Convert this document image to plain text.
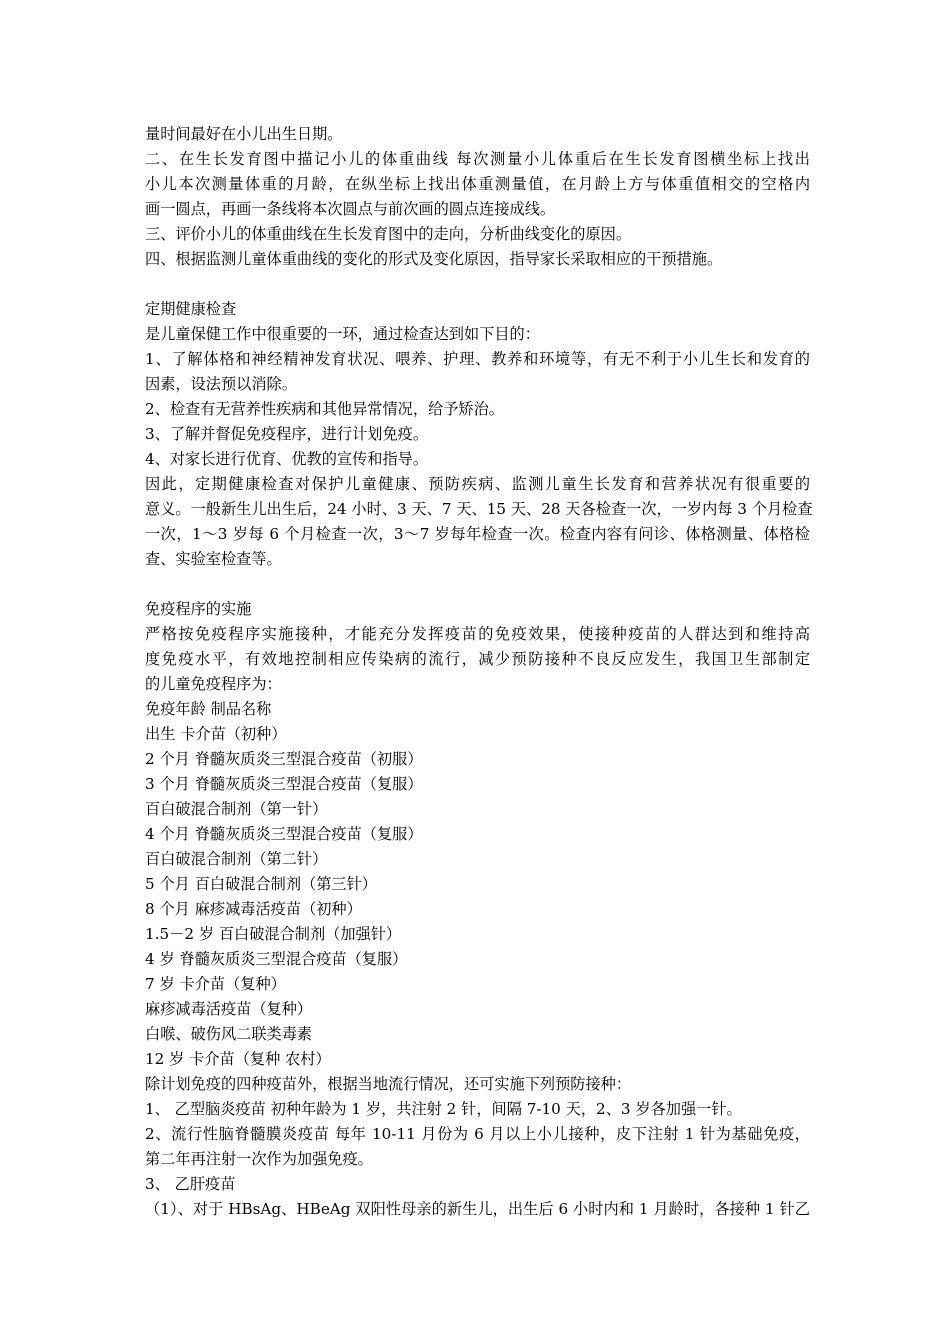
量时间最好在小儿出生日期。
二、在生长发育图中描记小儿的体重曲线 每次测量小儿体重后在生长发育图横坐标上找出
小儿本次测量体重的月龄，在纵坐标上找出体重测量值，在月龄上方与体重值相交的空格内
画一圆点，再画一条线将本次圆点与前次画的圆点连接成线。
三、评价小儿的体重曲线在生长发育图中的走向，分析曲线变化的原因。
四、根据监测儿童体重曲线的变化的形式及变化原因，指导家长采取相应的干预措施。
定期健康检查
是儿童保健工作中很重要的一环，通过检查达到如下目的：
1、了解体格和神经精神发育状况、喂养、护理、教养和环境等，有无不利于小儿生长和发育的
因素，设法预以消除。
2、检查有无营养性疾病和其他异常情况，给予矫治。
3、了解并督促免疫程序，进行计划免疫。
4、对家长进行优育、优教的宣传和指导。
因此，定期健康检查对保护儿童健康、预防疾病、监测儿童生长发育和营养状况有很重要的
意义。一般新生儿出生后，24 小时、3 天、7 天、15 天、28 天各检查一次，一岁内每 3 个月检查
一次，1～3 岁每 6 个月检查一次，3～7 岁每年检查一次。检查内容有问诊、体格测量、体格检
查、实验室检查等。
免疫程序的实施
严格按免疫程序实施接种，才能充分发挥疫苗的免疫效果，使接种疫苗的人群达到和维持高
度免疫水平，有效地控制相应传染病的流行，减少预防接种不良反应发生，我国卫生部制定
的儿童免疫程序为：
免疫年龄 制品名称
出生 卡介苗（初种）
2 个月 脊髓灰质炎三型混合疫苗（初服）
3 个月 脊髓灰质炎三型混合疫苗（复服）
百白破混合制剂（第一针）
4 个月 脊髓灰质炎三型混合疫苗（复服）
百白破混合制剂（第二针）
5 个月 百白破混合制剂（第三针）
8 个月 麻疹减毒活疫苗（初种）
1.5－2 岁 百白破混合制剂（加强针）
4 岁 脊髓灰质炎三型混合疫苗（复服）
7 岁 卡介苗（复种）
麻疹减毒活疫苗（复种）
白喉、破伤风二联类毒素
12 岁 卡介苗（复种 农村）
除计划免疫的四种疫苗外，根据当地流行情况，还可实施下列预防接种：
1、 乙型脑炎疫苗 初种年龄为 1 岁，共注射 2 针，间隔 7-10 天，2、3 岁各加强一针。
2、流行性脑脊髓膜炎疫苗 每年 10-11 月份为 6 月以上小儿接种，皮下注射 1 针为基础免疫，
第二年再注射一次作为加强免疫。
3、 乙肝疫苗
（1）、对于 HBsAg、HBeAg 双阳性母亲的新生儿，出生后 6 小时内和 1 月龄时，各接种 1 针乙
